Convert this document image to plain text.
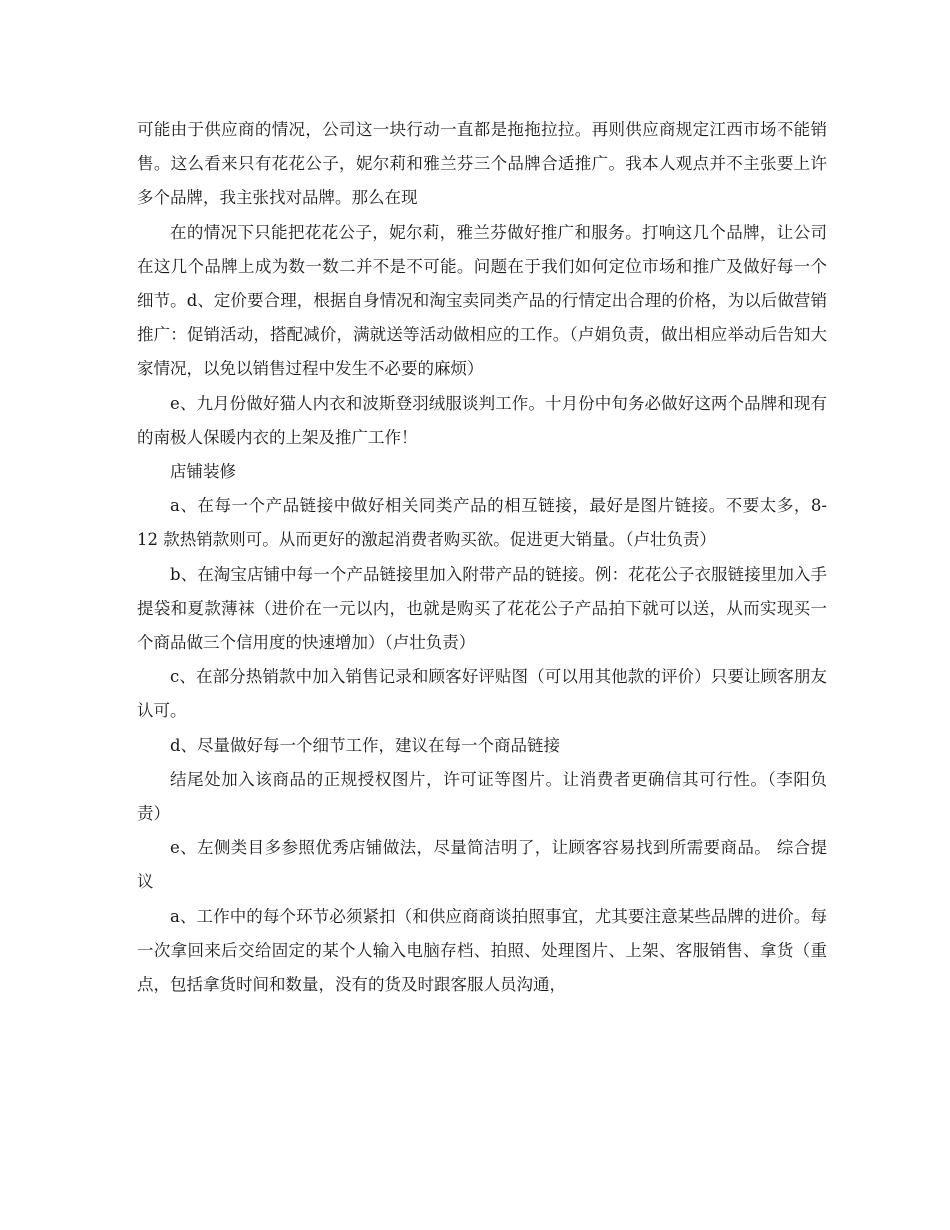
可能由于供应商的情况，公司这一块行动一直都是拖拖拉拉。再则供应商规定江西市场不能销售。这么看来只有花花公子，妮尔莉和雅兰芬三个品牌合适推广。我本人观点并不主张要上许多个品牌，我主张找对品牌。那么在现

在的情况下只能把花花公子，妮尔莉，雅兰芬做好推广和服务。打响这几个品牌，让公司在这几个品牌上成为数一数二并不是不可能。问题在于我们如何定位市场和推广及做好每一个细节。d、定价要合理，根据自身情况和淘宝卖同类产品的行情定出合理的价格，为以后做营销推广：促销活动，搭配减价，满就送等活动做相应的工作。（卢娟负责，做出相应举动后告知大家情况，以免以销售过程中发生不必要的麻烦）

e、九月份做好猫人内衣和波斯登羽绒服谈判工作。十月份中旬务必做好这两个品牌和现有的南极人保暖内衣的上架及推广工作！

店铺装修

a、在每一个产品链接中做好相关同类产品的相互链接，最好是图片链接。不要太多，8-12 款热销款则可。从而更好的激起消费者购买欲。促进更大销量。（卢壮负责）

b、在淘宝店铺中每一个产品链接里加入附带产品的链接。例：花花公子衣服链接里加入手提袋和夏款薄袜（进价在一元以内，也就是购买了花花公子产品拍下就可以送，从而实现买一个商品做三个信用度的快速增加）（卢壮负责）

c、在部分热销款中加入销售记录和顾客好评贴图（可以用其他款的评价）只要让顾客朋友认可。

d、尽量做好每一个细节工作，建议在每一个商品链接

结尾处加入该商品的正规授权图片，许可证等图片。让消费者更确信其可行性。（李阳负责）

e、左侧类目多参照优秀店铺做法，尽量简洁明了，让顾客容易找到所需要商品。 综合提议

a、工作中的每个环节必须紧扣（和供应商商谈拍照事宜，尤其要注意某些品牌的进价。每一次拿回来后交给固定的某个人输入电脑存档、拍照、处理图片、上架、客服销售、拿货（重点，包括拿货时间和数量，没有的货及时跟客服人员沟通，
